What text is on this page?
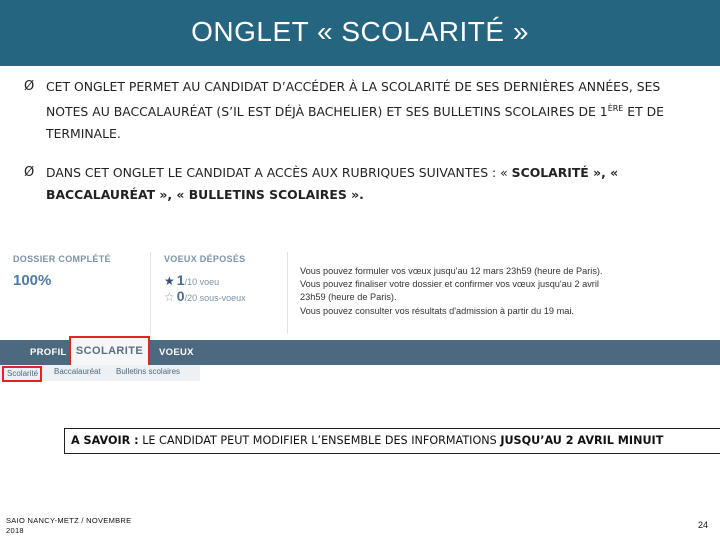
ONGLET « SCOLARITÉ »
Ø CET ONGLET PERMET AU CANDIDAT D’ACCÉDER À LA SCOLARITÉ DE SES DERNIÈRES ANNÉES, SES NOTES AU BACCALAURÉAT (S’IL EST DÉJÀ BACHELIER) ET SES BULLETINS SCOLAIRES DE 1ÈRE ET DE TERMINALE.
Ø DANS CET ONGLET LE CANDIDAT A ACCÈS AUX RUBRIQUES SUIVANTES : « SCOLARITÉ », « BACCALAURÉAT », « BULLETINS SCOLAIRES ».
DOSSIER COMPLÉTÉ
100%
VOEUX DÉPOSÉS
★ 1/10 voeu
☆ 0/20 sous-voeux
Vous pouvez formuler vos vœux jusqu'au 12 mars 23h59 (heure de Paris).
Vous pouvez finaliser votre dossier et confirmer vos vœux jusqu'au 2 avril
23h59 (heure de Paris).
Vous pouvez consulter vos résultats d'admission à partir du 19 mai.
PROFIL SCOLARITE	VOEUX
Scolarité	Baccalauréat Bulletins scolaires
A SAVOIR : LE CANDIDAT PEUT MODIFIER L’ENSEMBLE DES INFORMATIONS JUSQU’AU 2 AVRIL MINUIT
SAIO NANCY-METZ / NOVEMBRE
2018
24
